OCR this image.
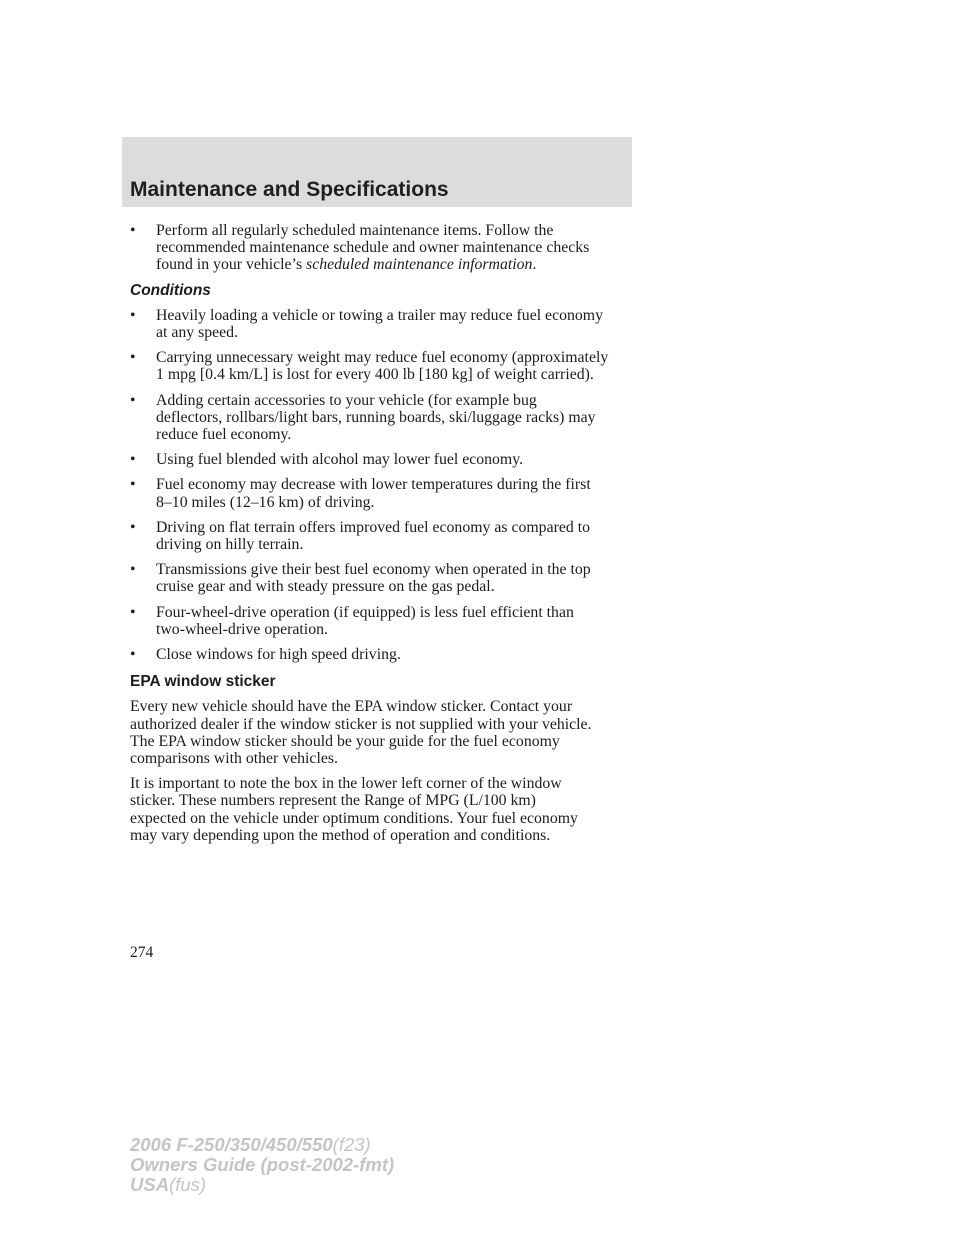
Maintenance and Specifications
•	Perform all regularly scheduled maintenance items. Follow the
recommended maintenance schedule and owner maintenance checks
found in your vehicle’s scheduled maintenance information.
Conditions
•	Heavily loading a vehicle or towing a trailer may reduce fuel economy
at any speed.
•	Carrying unnecessary weight may reduce fuel economy (approximately
1 mpg [0.4 km/L] is lost for every 400 lb [180 kg] of weight carried).
•	Adding certain accessories to your vehicle (for example bug
deflectors, rollbars/light bars, running boards, ski/luggage racks) may
reduce fuel economy.
•	Using fuel blended with alcohol may lower fuel economy.
•	Fuel economy may decrease with lower temperatures during the first
8–10 miles (12–16 km) of driving.
•	Driving on flat terrain offers improved fuel economy as compared to
driving on hilly terrain.
•	Transmissions give their best fuel economy when operated in the top
cruise gear and with steady pressure on the gas pedal.
•	Four-wheel-drive operation (if equipped) is less fuel efficient than
two-wheel-drive operation.
•	Close windows for high speed driving.
EPA window sticker
Every new vehicle should have the EPA window sticker. Contact your
authorized dealer if the window sticker is not supplied with your vehicle.
The EPA window sticker should be your guide for the fuel economy
comparisons with other vehicles.
It is important to note the box in the lower left corner of the window
sticker. These numbers represent the Range of MPG (L/100 km)
expected on the vehicle under optimum conditions. Your fuel economy
may vary depending upon the method of operation and conditions.
274
2006 F-250/350/450/550(f23)
Owners Guide (post-2002-fmt)
USA(fus)
